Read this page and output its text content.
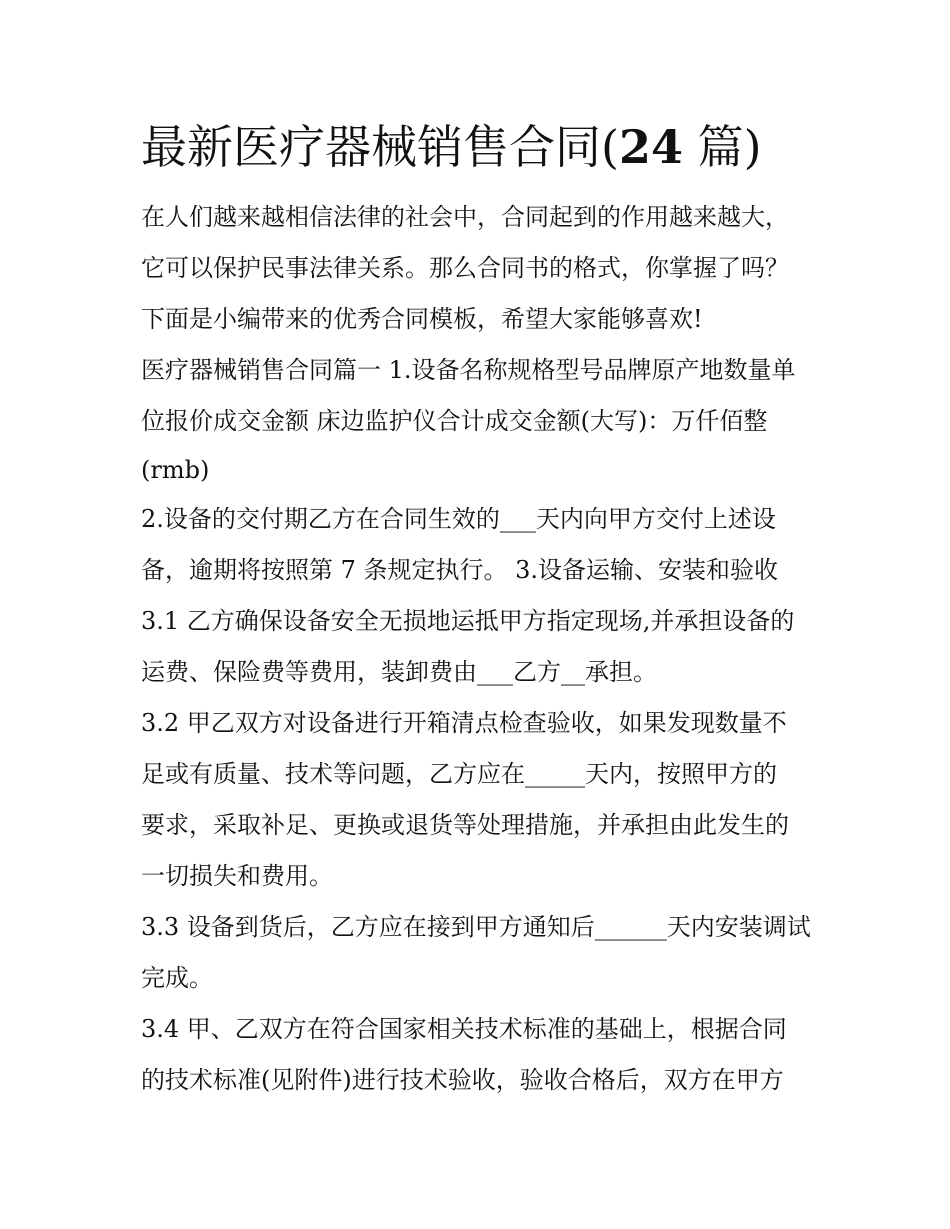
最新医疗器械销售合同(24 篇)

在人们越来越相信法律的社会中，合同起到的作用越来越大，

它可以保护民事法律关系。那么合同书的格式，你掌握了吗？

下面是小编带来的优秀合同模板，希望大家能够喜欢!

医疗器械销售合同篇一 1.设备名称规格型号品牌原产地数量单

位报价成交金额 床边监护仪合计成交金额(大写)：万仟佰整

(rmb)

2.设备的交付期乙方在合同生效的___天内向甲方交付上述设

备，逾期将按照第 7 条规定执行。 3.设备运输、安装和验收

3.1 乙方确保设备安全无损地运抵甲方指定现场,并承担设备的

运费、保险费等费用，装卸费由___乙方__承担。

3.2 甲乙双方对设备进行开箱清点检查验收，如果发现数量不

足或有质量、技术等问题，乙方应在_____天内，按照甲方的

要求，采取补足、更换或退货等处理措施，并承担由此发生的

一切损失和费用。

3.3 设备到货后，乙方应在接到甲方通知后______天内安装调试

完成。

3.4 甲、乙双方在符合国家相关技术标准的基础上，根据合同

的技术标准(见附件)进行技术验收，验收合格后，双方在甲方
